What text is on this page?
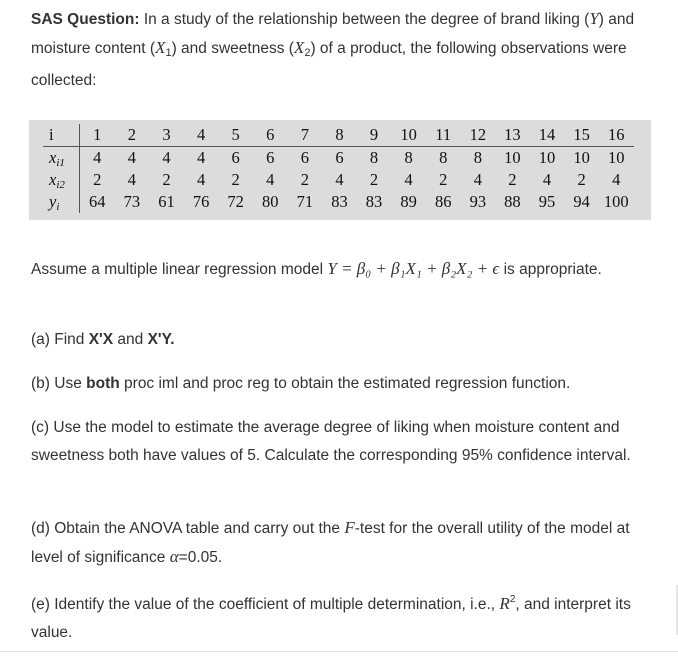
SAS Question: In a study of the relationship between the degree of brand liking (Y) and moisture content $(X_1)$ and sweetness $(X_2)$ of a product, the following observations were collected:
i	1	2	3	4	5	6	7	8	9	10	11	12	13	14	15	16
xi1	4	4	4	4	6	6	6	6	8	8	8	8	10	10	10	10
xi2	2	4	2	4	2	4	2	4	2	4	2	4	2	4	2	4
yi	64	73	61	76	72	80	71	83	83	89	86	93	88	95	94	100
Assume a multiple linear regression model Y = β₀ + β₁X₁ + β₂X₂ + ϵ is appropriate.
(a) Find X'X and X'Y.
(b) Use both proc iml and proc reg to obtain the estimated regression function.
(c) Use the model to estimate the average degree of liking when moisture content and sweetness both have values of 5. Calculate the corresponding 95% confidence interval.
(d) Obtain the ANOVA table and carry out the F-test for the overall utility of the model at level of significance α=0.05.
(e) Identify the value of the coefficient of multiple determination, i.e., $R^2$, and interpret its value.
